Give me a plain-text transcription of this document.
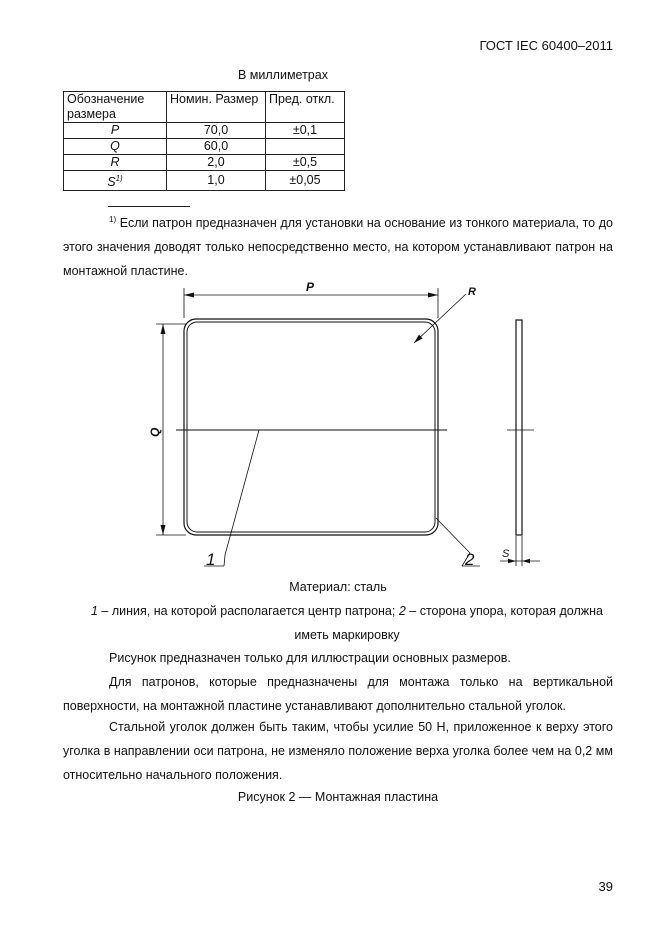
ГОСТ IEC 60400–2011
В миллиметрах
Обозначение размера	Номин. Размер	Пред. откл.
P	70,0	±0,1
Q	60,0	
R	2,0	±0,5
$S^{1)}$	1,0	±0,05
$^{1)}$ Если патрон предназначен для установки на основание из тонкого материала, то до этого значения доводят только непосредственно место, на котором устанавливают патрон на монтажной пластине.
P	R
Q
S
1	2
Материал: сталь
1 – линия, на которой располагается центр патрона; 2 – сторона упора, которая должна иметь маркировку
Рисунок предназначен только для иллюстрации основных размеров.
Для патронов, которые предназначены для монтажа только на вертикальной поверхности, на монтажной пластине устанавливают дополнительно стальной уголок.
Стальной уголок должен быть таким, чтобы усилие 50 Н, приложенное к верху этого уголка в направлении оси патрона, не изменяло положение верха уголка более чем на 0,2 мм относительно начального положения.
Рисунок 2 — Монтажная пластина
39
